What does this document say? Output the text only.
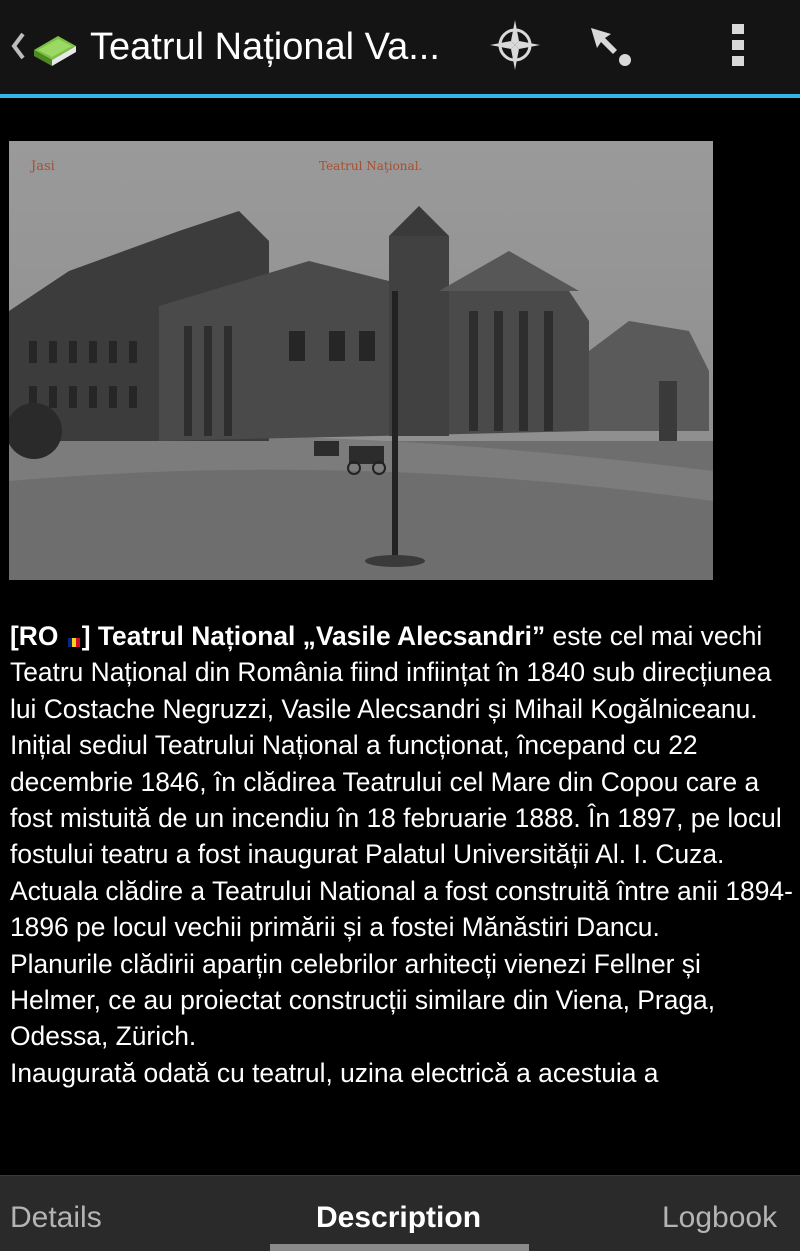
Teatrul Național Va...
Jasi	Teatrul Naţional.

[RO ] Teatrul Național „Vasile Alecsandri” este cel mai vechi Teatru Național din România fiind inființat în 1840 sub direcțiunea lui Costache Negruzzi, Vasile Alecsandri și Mihail Kogălniceanu. Inițial sediul Teatrului Național a funcționat, începand cu 22 decembrie 1846, în clădirea Teatrului cel Mare din Copou care a fost mistuită de un incendiu în 18 februarie 1888. În 1897, pe locul fostului teatru a fost inaugurat Palatul Universității Al. I. Cuza. Actuala clădire a Teatrului National a fost construită între anii 1894-1896 pe locul vechii primării și a fostei Mănăstiri Dancu.

Planurile clădirii aparțin celebrilor arhitecți vienezi Fellner și Helmer, ce au proiectat construcții similare din Viena, Praga, Odessa, Zürich.

Inaugurată odată cu teatrul, uzina electrică a acestuia a

Details	Description	Logbook
